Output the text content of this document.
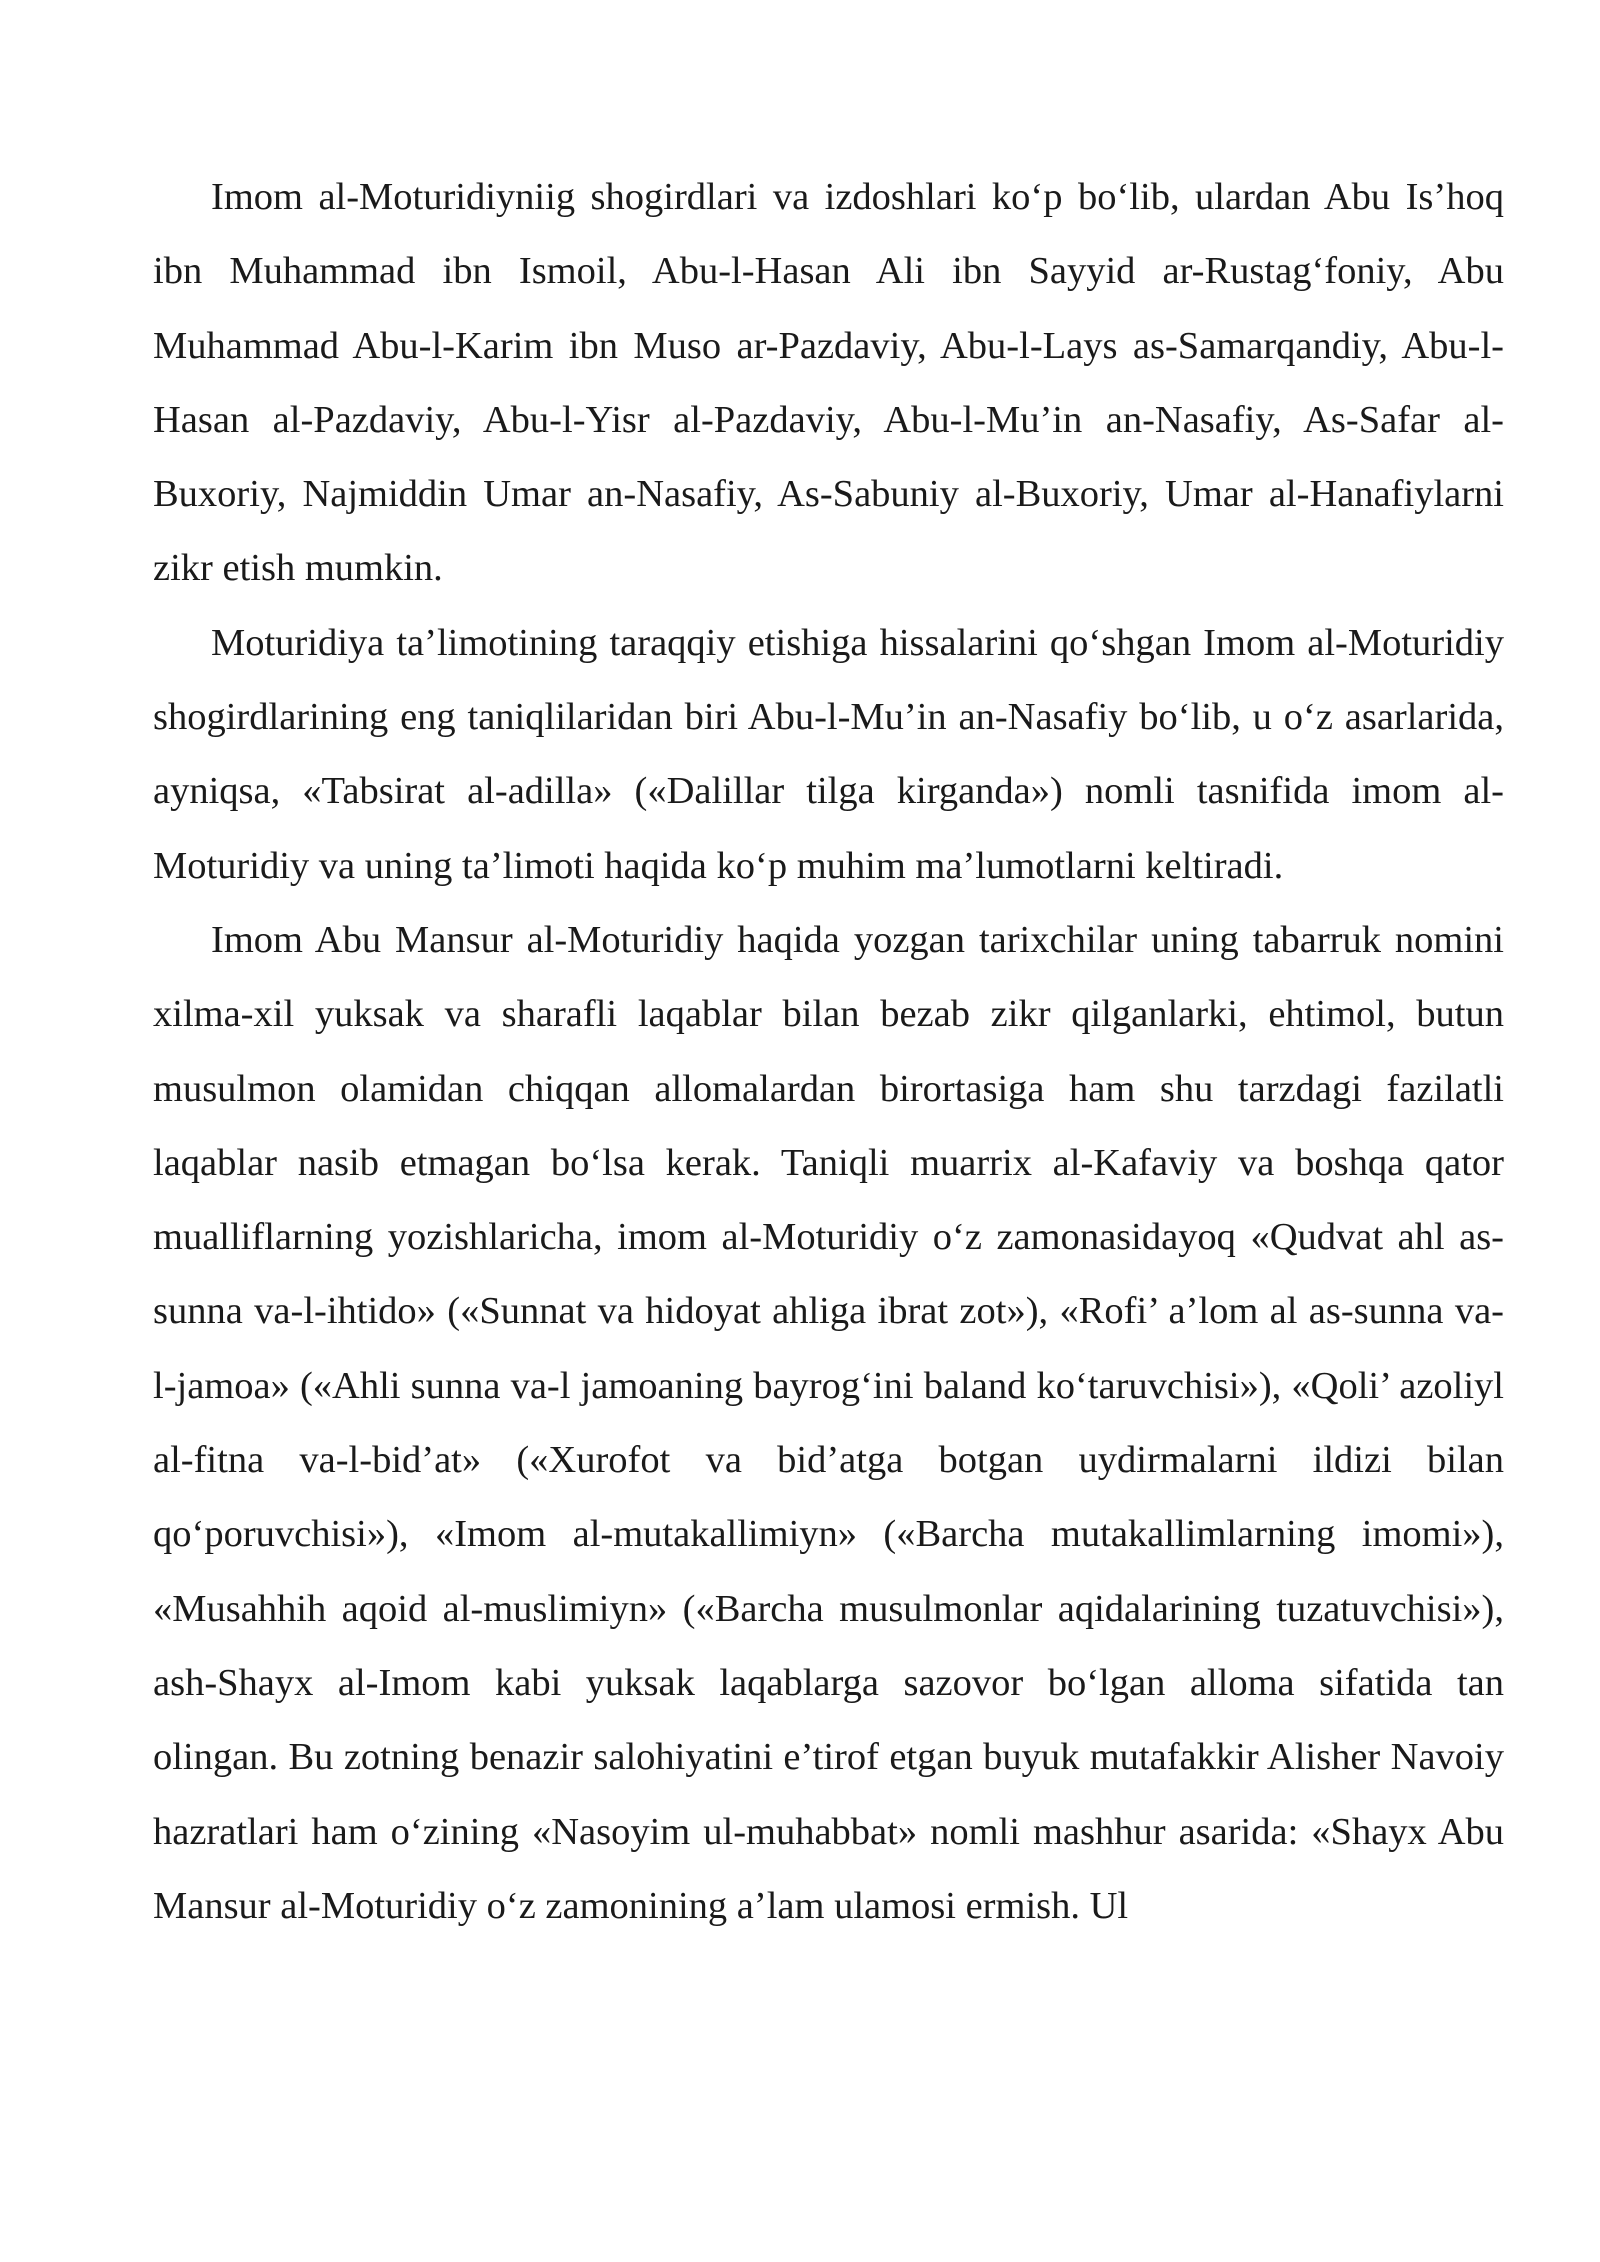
Imom al-Moturidiyniig shogirdlari va izdoshlari ko‘p bo‘lib, ulardan Abu Is’hoq ibn Muhammad ibn Ismoil, Abu-l-Hasan Ali ibn Sayyid ar-Rustag‘foniy, Abu Muhammad Abu-l-Karim ibn Muso ar-Pazdaviy, Abu-l-Lays as-Samarqandiy, Abu-l-Hasan al-Pazdaviy, Abu-l-Yisr al-Pazdaviy, Abu-l-Mu’in an-Nasafiy, As-Safar al-Buxoriy, Najmiddin Umar an-Nasafiy, As-Sabuniy al-Buxoriy, Umar al-Hanafiylarni zikr etish mumkin.

Moturidiya ta’limotining taraqqiy etishiga hissalarini qo‘shgan Imom al-Moturidiy shogirdlarining eng taniqlilaridan biri Abu-l-Mu’in an-Nasafiy bo‘lib, u o‘z asarlarida, ayniqsa, «Tabsirat al-adilla» («Dalillar tilga kirganda») nomli tasnifida imom al-Moturidiy va uning ta’limoti haqida ko‘p muhim ma’lumotlarni keltiradi.

Imom Abu Mansur al-Moturidiy haqida yozgan tarixchilar uning tabarruk nomini xilma-xil yuksak va sharafli laqablar bilan bezab zikr qilganlarki, ehtimol, butun musulmon olamidan chiqqan allomalardan birortasiga ham shu tarzdagi fazilatli laqablar nasib etmagan bo‘lsa kerak. Taniqli muarrix al-Kafaviy va boshqa qator mualliflarning yozishlaricha, imom al-Moturidiy o‘z zamonasidayoq «Qudvat ahl as-sunna va-l-ihtido» («Sunnat va hidoyat ahliga ibrat zot»), «Rofi’ a’lom al as-sunna va-l-jamoa» («Ahli sunna va-l jamoaning bayrog‘ini baland ko‘taruvchisi»), «Qoli’ azoliyl al-fitna va-l-bid’at» («Xurofot va bid’atga botgan uydirmalarni ildizi bilan qo‘poruvchisi»), «Imom al-mutakallimiyn» («Barcha mutakallimlarning imomi»), «Musahhih aqoid al-muslimiyn» («Barcha musulmonlar aqidalarining tuzatuvchisi»), ash-Shayx al-Imom kabi yuksak laqablarga sazovor bo‘lgan alloma sifatida tan olingan. Bu zotning benazir salohiyatini e’tirof etgan buyuk mutafakkir Alisher Navoiy hazratlari ham o‘zining «Nasoyim ul-muhabbat» nomli mashhur asarida: «Shayx Abu Mansur al-Moturidiy o‘z zamonining a’lam ulamosi ermish. Ul
